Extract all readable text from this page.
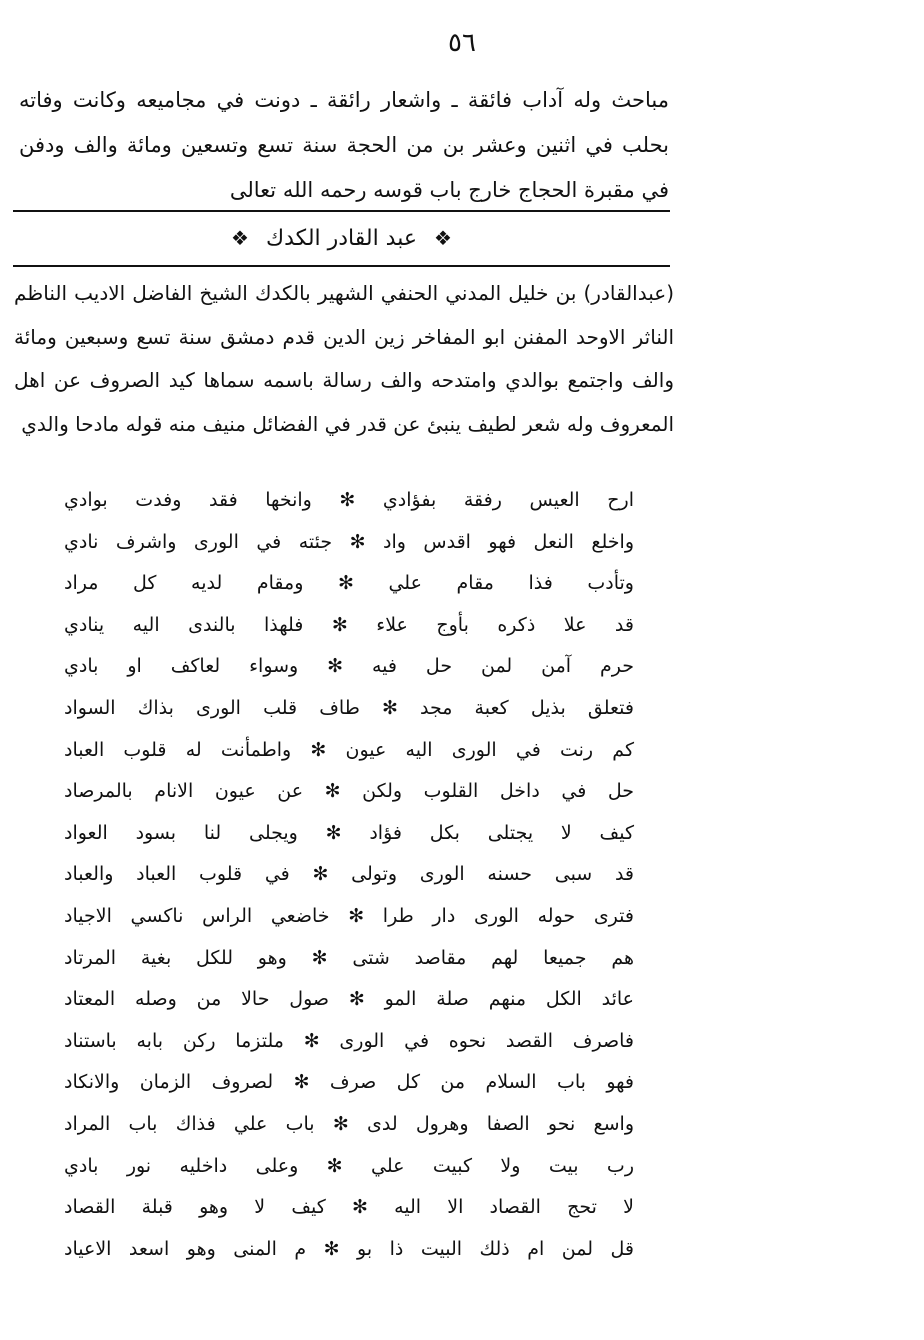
٥٦

مباحث وله آداب فائقة ـ واشعار رائقة ـ دونت في مجاميعه وكانت وفاته بحلب في اثنين وعشر بن من الحجة سنة تسع وتسعين ومائة والف ودفن في مقبرة الحجاج خارج باب قوسه رحمه الله تعالى

❖ عبد القادر الكدك ❖

(عبدالقادر) بن خليل المدني الحنفي الشهير بالكدك الشيخ الفاضل الاديب الناظم الناثر الاوحد المفنن ابو المفاخر زين الدين قدم دمشق سنة تسع وسبعين ومائة والف واجتمع بوالدي وامتدحه والف رسالة باسمه سماها كيد الصروف عن اهل المعروف وله شعر لطيف ينبئ عن قدر في الفضائل منيف منه قوله مادحا والدي

ارح العيس رفقة بفؤادي ✻ وانخها فقد وفدت بوادي
واخلع النعل فهو اقدس واد ✻ جئته في الورى واشرف نادي
وتأدب فذا مقام علي ✻ ومقام لديه كل مراد
قد علا ذكره بأوج علاء ✻ فلهذا بالندى اليه ينادي
حرم آمن لمن حل فيه ✻ وسواء لعاكف او بادي
فتعلق بذيل كعبة مجد ✻ طاف قلب الورى بذاك السواد
كم رنت في الورى اليه عيون ✻ واطمأنت له قلوب العباد
حل في داخل القلوب ولكن ✻ عن عيون الانام بالمرصاد
كيف لا يجتلى بكل فؤاد ✻ ويجلى لنا بسود العواد
قد سبى حسنه الورى وتولى ✻ في قلوب العباد والعباد
فترى حوله الورى دار طرا ✻ خاضعي الراس ناكسي الاجياد
هم جميعا لهم مقاصد شتى ✻ وهو للكل بغية المرتاد
عائد الكل منهم صلة المو ✻ صول حالا من وصله المعتاد
فاصرف القصد نحوه في الورى ✻ ملتزما ركن بابه باستناد
فهو باب السلام من كل صرف ✻ لصروف الزمان والانكاد
واسع نحو الصفا وهرول لدى ✻ باب علي فذاك باب المراد
رب بيت ولا كبيت علي ✻ وعلى داخليه نور بادي
لا تحج القصاد الا اليه ✻ كيف لا وهو قبلة القصاد
قل لمن ام ذلك البيت ذا بو ✻ م المنى وهو اسعد الاعياد
